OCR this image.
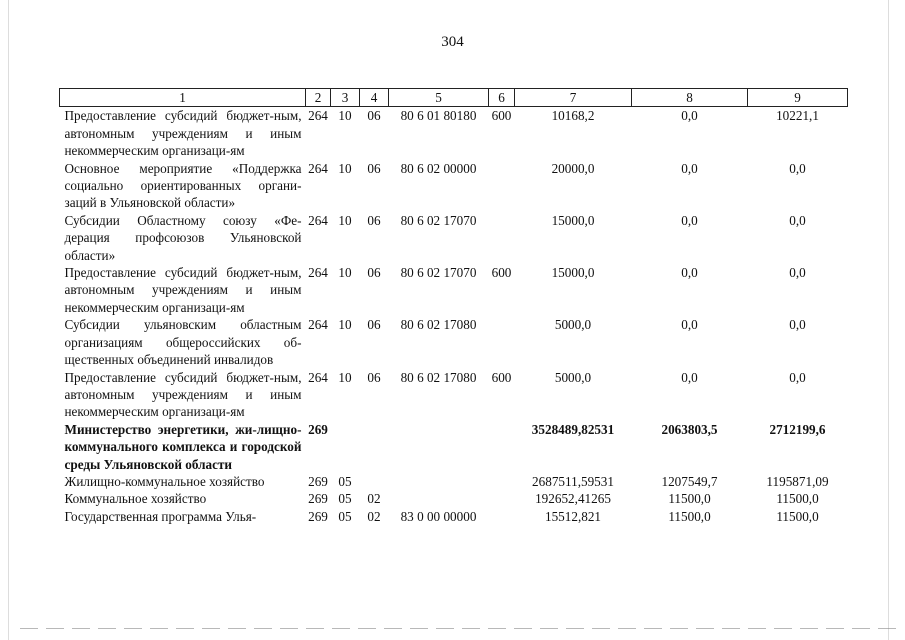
304
1	2	3	4	5	6	7	8	9
Предоставление субсидий бюджет-ным, автономным учреждениям и иным некоммерческим организаци-ям	264	10	06	80 6 01 80180	600	10168,2	0,0	10221,1
Основное мероприятие «Поддержка социально ориентированных органи-заций в Ульяновской области»	264	10	06	80 6 02 00000		20000,0	0,0	0,0
Субсидии Областному союзу «Фе-дерация профсоюзов Ульяновской области»	264	10	06	80 6 02 17070		15000,0	0,0	0,0
Предоставление субсидий бюджет-ным, автономным учреждениям и иным некоммерческим организаци-ям	264	10	06	80 6 02 17070	600	15000,0	0,0	0,0
Субсидии ульяновским областным организациям общероссийских об-щественных объединений инвалидов	264	10	06	80 6 02 17080		5000,0	0,0	0,0
Предоставление субсидий бюджет-ным, автономным учреждениям и иным некоммерческим организаци-ям	264	10	06	80 6 02 17080	600	5000,0	0,0	0,0
Министерство энергетики, жи-лищно-коммунального комплекса и городской среды Ульяновской области	269					3528489,82531	2063803,5	2712199,6
Жилищно-коммунальное хозяйство	269	05				2687511,59531	1207549,7	1195871,09
Коммунальное хозяйство	269	05	02			192652,41265	11500,0	11500,0
Государственная программа Улья-	269	05	02	83 0 00 00000		15512,821	11500,0	11500,0
